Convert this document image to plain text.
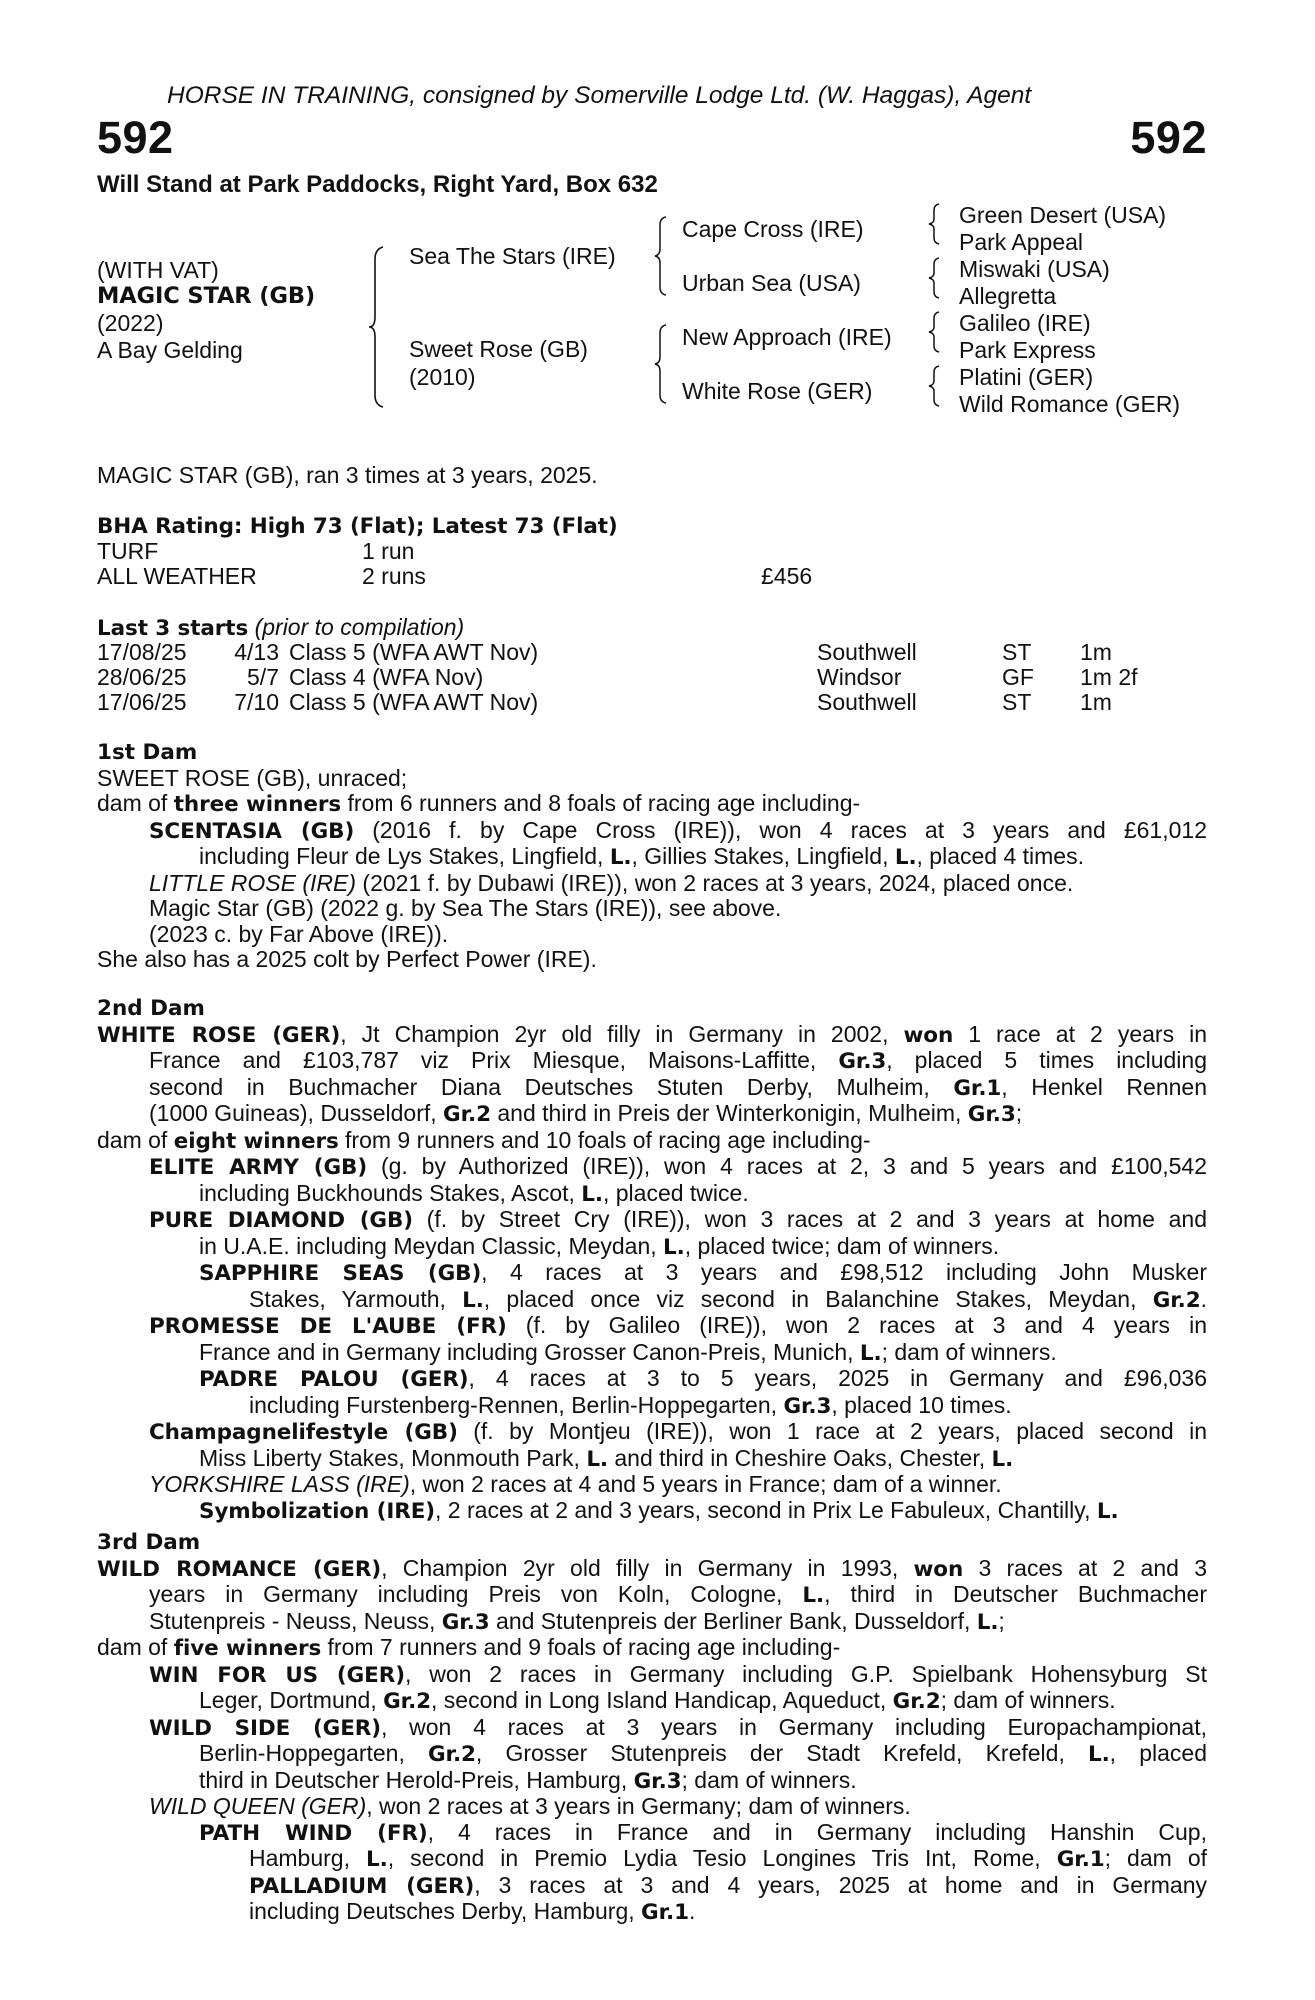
HORSE IN TRAINING, consigned by Somerville Lodge Ltd. (W. Haggas), Agent
592	592
Will Stand at Park Paddocks, Right Yard, Box 632
(WITH VAT)
MAGIC STAR (GB)
(2022)
A Bay Gelding
Sea The Stars (IRE)
Sweet Rose (GB)
(2010)
Cape Cross (IRE)
Urban Sea (USA)
New Approach (IRE)
White Rose (GER)
Green Desert (USA)
Park Appeal
Miswaki (USA)
Allegretta
Galileo (IRE)
Park Express
Platini (GER)
Wild Romance (GER)
MAGIC STAR (GB), ran 3 times at 3 years, 2025.
BHA Rating: High 73 (Flat); Latest 73 (Flat)
TURF	1 run
ALL WEATHER	2 runs	£456
Last 3 starts (prior to compilation)
17/08/25	4/13 Class 5 (WFA AWT Nov)	Southwell	ST 1m
28/06/25	5/7 Class 4 (WFA Nov)	Windsor	GF 1m 2f
17/06/25	7/10 Class 5 (WFA AWT Nov)	Southwell	ST 1m
1st Dam
SWEET ROSE (GB), unraced;
dam of three winners from 6 runners and 8 foals of racing age including-
SCENTASIA (GB) (2016 f. by Cape Cross (IRE)), won 4 races at 3 years and £61,012
including Fleur de Lys Stakes, Lingfield, L., Gillies Stakes, Lingfield, L., placed 4 times.
LITTLE ROSE (IRE) (2021 f. by Dubawi (IRE)), won 2 races at 3 years, 2024, placed once.
Magic Star (GB) (2022 g. by Sea The Stars (IRE)), see above.
(2023 c. by Far Above (IRE)).
She also has a 2025 colt by Perfect Power (IRE).
2nd Dam
WHITE ROSE (GER), Jt Champion 2yr old filly in Germany in 2002, won 1 race at 2 years in
France and £103,787 viz Prix Miesque, Maisons-Laffitte, Gr.3, placed 5 times including
second in Buchmacher Diana Deutsches Stuten Derby, Mulheim, Gr.1, Henkel Rennen
(1000 Guineas), Dusseldorf, Gr.2 and third in Preis der Winterkonigin, Mulheim, Gr.3;
dam of eight winners from 9 runners and 10 foals of racing age including-
ELITE ARMY (GB) (g. by Authorized (IRE)), won 4 races at 2, 3 and 5 years and £100,542
including Buckhounds Stakes, Ascot, L., placed twice.
PURE DIAMOND (GB) (f. by Street Cry (IRE)), won 3 races at 2 and 3 years at home and
in U.A.E. including Meydan Classic, Meydan, L., placed twice; dam of winners.
SAPPHIRE SEAS (GB), 4 races at 3 years and £98,512 including John Musker
Stakes, Yarmouth, L., placed once viz second in Balanchine Stakes, Meydan, Gr.2.
PROMESSE DE L'AUBE (FR) (f. by Galileo (IRE)), won 2 races at 3 and 4 years in
France and in Germany including Grosser Canon-Preis, Munich, L.; dam of winners.
PADRE PALOU (GER), 4 races at 3 to 5 years, 2025 in Germany and £96,036
including Furstenberg-Rennen, Berlin-Hoppegarten, Gr.3, placed 10 times.
Champagnelifestyle (GB) (f. by Montjeu (IRE)), won 1 race at 2 years, placed second in
Miss Liberty Stakes, Monmouth Park, L. and third in Cheshire Oaks, Chester, L.
YORKSHIRE LASS (IRE), won 2 races at 4 and 5 years in France; dam of a winner.
Symbolization (IRE), 2 races at 2 and 3 years, second in Prix Le Fabuleux, Chantilly, L.
3rd Dam
WILD ROMANCE (GER), Champion 2yr old filly in Germany in 1993, won 3 races at 2 and 3
years in Germany including Preis von Koln, Cologne, L., third in Deutscher Buchmacher
Stutenpreis - Neuss, Neuss, Gr.3 and Stutenpreis der Berliner Bank, Dusseldorf, L.;
dam of five winners from 7 runners and 9 foals of racing age including-
WIN FOR US (GER), won 2 races in Germany including G.P. Spielbank Hohensyburg St
Leger, Dortmund, Gr.2, second in Long Island Handicap, Aqueduct, Gr.2; dam of winners.
WILD SIDE (GER), won 4 races at 3 years in Germany including Europachampionat,
Berlin-Hoppegarten, Gr.2, Grosser Stutenpreis der Stadt Krefeld, Krefeld, L., placed
third in Deutscher Herold-Preis, Hamburg, Gr.3; dam of winners.
WILD QUEEN (GER), won 2 races at 3 years in Germany; dam of winners.
PATH WIND (FR), 4 races in France and in Germany including Hanshin Cup,
Hamburg, L., second in Premio Lydia Tesio Longines Tris Int, Rome, Gr.1; dam of
PALLADIUM (GER), 3 races at 3 and 4 years, 2025 at home and in Germany
including Deutsches Derby, Hamburg, Gr.1.
